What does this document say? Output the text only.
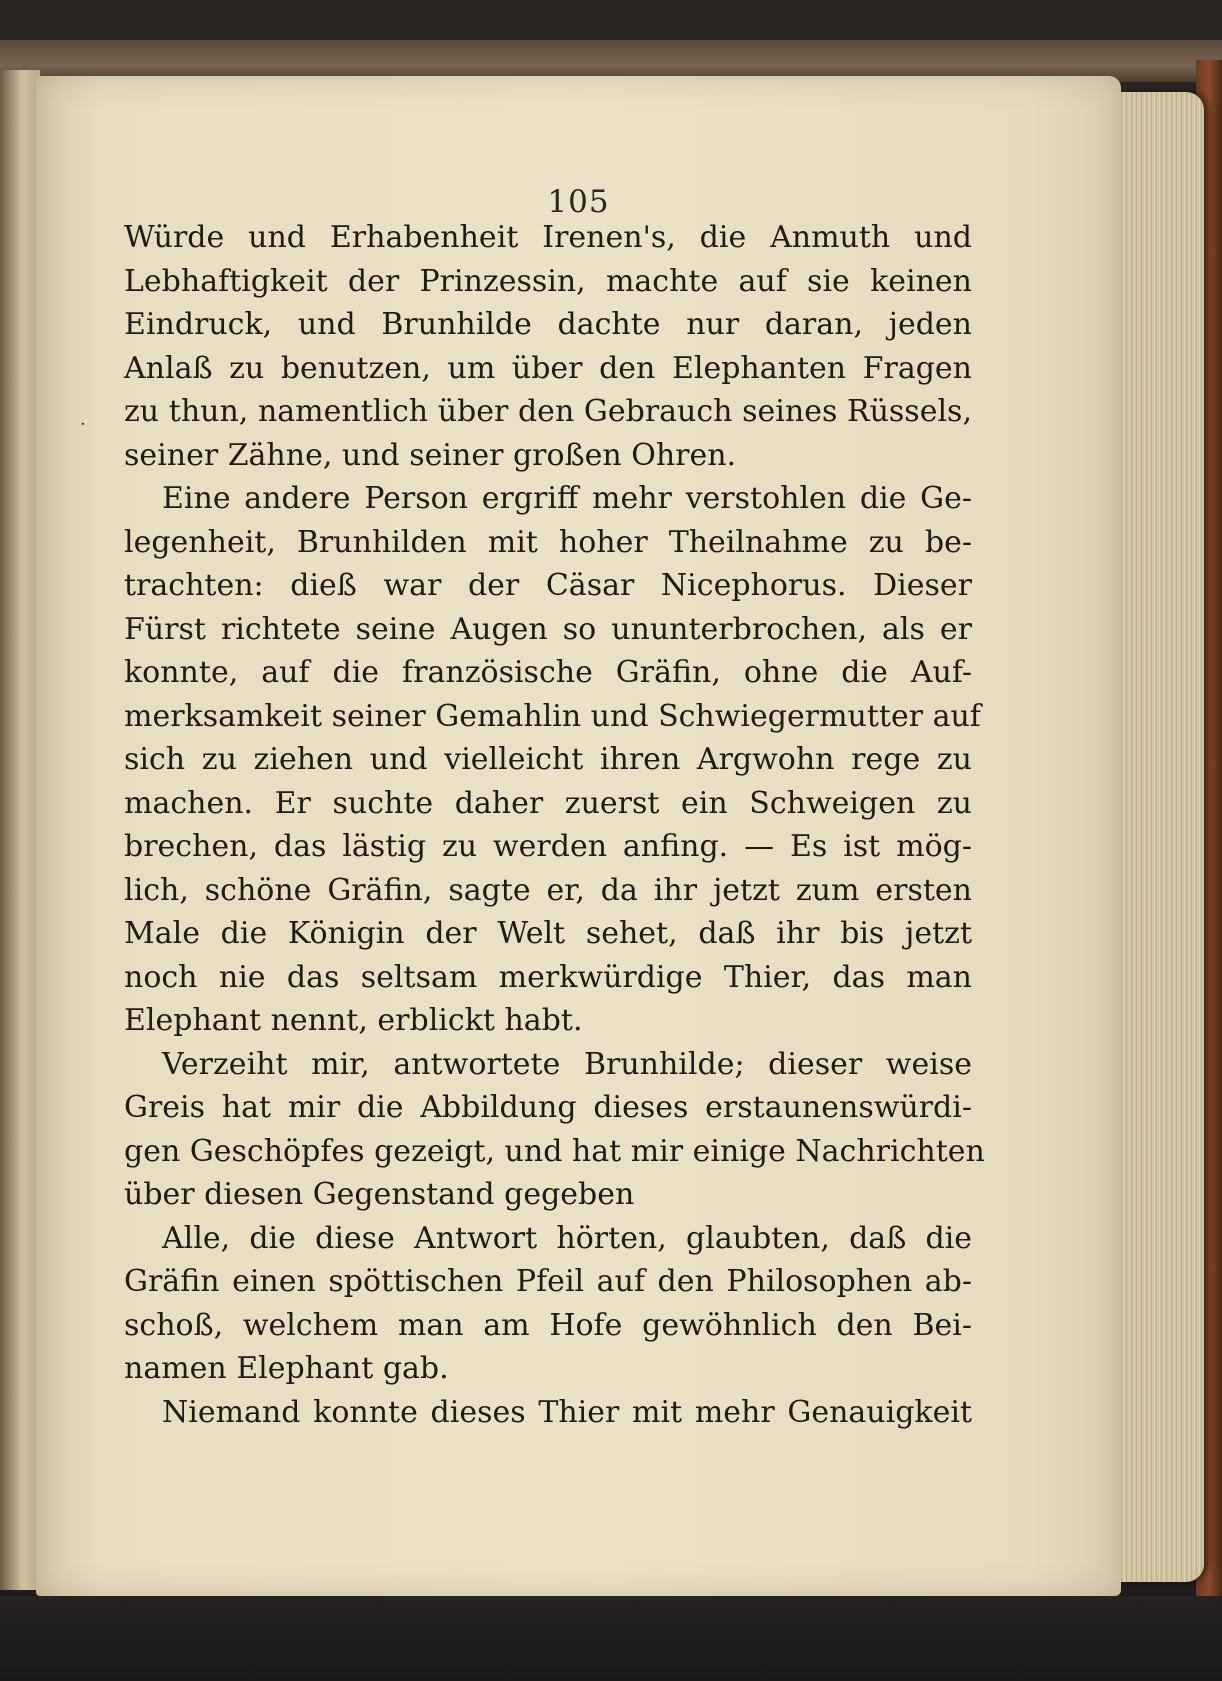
105
·
Würde und Erhabenheit Irenen's, die Anmuth und
Lebhaftigkeit der Prinzessin, machte auf sie keinen
Eindruck, und Brunhilde dachte nur daran, jeden
Anlaß zu benutzen, um über den Elephanten Fragen
zu thun, namentlich über den Gebrauch seines Rüssels,
seiner Zähne, und seiner großen Ohren.
Eine andere Person ergriff mehr verstohlen die Ge-
legenheit, Brunhilden mit hoher Theilnahme zu be-
trachten: dieß war der Cäsar Nicephorus. Dieser
Fürst richtete seine Augen so ununterbrochen, als er
konnte, auf die französische Gräfin, ohne die Auf-
merksamkeit seiner Gemahlin und Schwiegermutter auf
sich zu ziehen und vielleicht ihren Argwohn rege zu
machen. Er suchte daher zuerst ein Schweigen zu
brechen, das lästig zu werden anfing. — Es ist mög-
lich, schöne Gräfin, sagte er, da ihr jetzt zum ersten
Male die Königin der Welt sehet, daß ihr bis jetzt
noch nie das seltsam merkwürdige Thier, das man
Elephant nennt, erblickt habt.
Verzeiht mir, antwortete Brunhilde; dieser weise
Greis hat mir die Abbildung dieses erstaunenswürdi-
gen Geschöpfes gezeigt, und hat mir einige Nachrichten
über diesen Gegenstand gegeben
Alle, die diese Antwort hörten, glaubten, daß die
Gräfin einen spöttischen Pfeil auf den Philosophen ab-
schoß, welchem man am Hofe gewöhnlich den Bei-
namen Elephant gab.
Niemand konnte dieses Thier mit mehr Genauigkeit
